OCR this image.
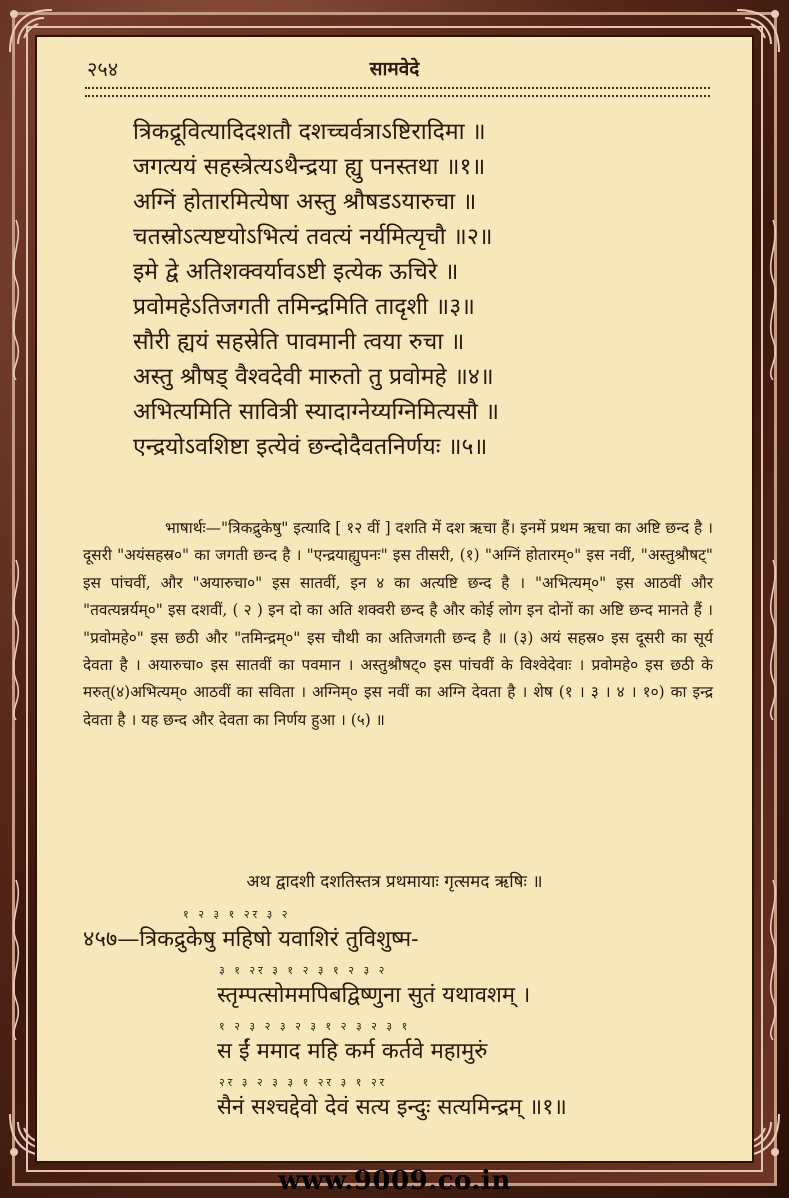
२५४	सामवेदे
त्रिकद्रूवित्यादिदशतौ दशच्चर्वत्राऽष्टिरादिमा ॥
जगत्ययं सहस्त्रेत्यऽथैन्द्रया ह्यु पनस्तथा ॥१॥
अग्निं होतारमित्येषा अस्तु श्रौषडऽयारुचा ॥
चतस्रोऽत्यष्टयोऽभित्यं तवत्यं नर्यमित्यृचौ ॥२॥
इमे द्वे अतिशक्वर्यावऽष्टी इत्येक ऊचिरे ॥
प्रवोमहेऽतिजगती तमिन्द्रमिति तादृशी ॥३॥
सौरी ह्ययं सहस्रेति पावमानी त्वया रुचा ॥
अस्तु श्रौषड् वैश्वदेवी मारुतो तु प्रवोमहे ॥४॥
अभित्यमिति सावित्री स्यादाग्नेय्यग्निमित्यसौ ॥
एन्द्रयोऽवशिष्टा इत्येवं छन्दोदैवतनिर्णयः ॥५॥
भाषार्थः—"त्रिकद्रुकेषु" इत्यादि [ १२ वीं ] दशति में दश ऋचा हैं। इनमें प्रथम ऋचा का अष्टि छन्द है । दूसरी "अयंसहस्र०" का जगती छन्द है । "एन्द्रयाह्युपनः" इस तीसरी, (१) "अग्निं होतारम्०" इस नवीं, "अस्तुश्रौषट्" इस पांचवीं, और "अयारुचा०" इस सातवीं, इन ४ का अत्यष्टि छन्द है । "अभित्यम्०" इस आठवीं और "तवत्यन्नर्यम्०" इस दशवीं, ( २ ) इन दो का अति शक्वरी छन्द है और कोई लोग इन दोनों का अष्टि छन्द मानते हैं । "प्रवोमहे०" इस छठी और "तमिन्द्रम्०" इस चौथी का अतिजगती छन्द है ॥ (३) अयं सहस्र० इस दूसरी का सूर्य देवता है । अयारुचा० इस सातवीं का पवमान । अस्तुश्रौषट्० इस पांचवीं के विश्वेदेवाः । प्रवोमहे० इस छठी के मरुत्(४)अभित्यम्० आठवीं का सविता । अग्निम्० इस नवीं का अग्नि देवता है । शेष (१ । ३ । ४ । १०) का इन्द्र देवता है । यह छन्द और देवता का निर्णय हुआ । (५) ॥
अथ द्वादशी दशतिस्तत्र प्रथमायाः गृत्समद ऋषिः ॥
१ २ ३ १ २र ३ २
४५७—त्रिकद्रुकेषु महिषो यवाशिरं तुविशुष्म-
३ १ २र ३ १ २ ३ १ २ ३ २
स्तृम्पत्सोममपिबद्विष्णुना सुतं यथावशम् ।
१ २ ३ २ ३ २ ३ १ २ ३ २ ३ १
स ईं ममाद महि कर्म कर्तवे महामुरुं
२र ३ २ ३ ३ १ २र ३ १ २र
सैनं सश्चद्देवो देवं सत्य इन्दुः सत्यमिन्द्रम् ॥१॥
www.9009.co.in
